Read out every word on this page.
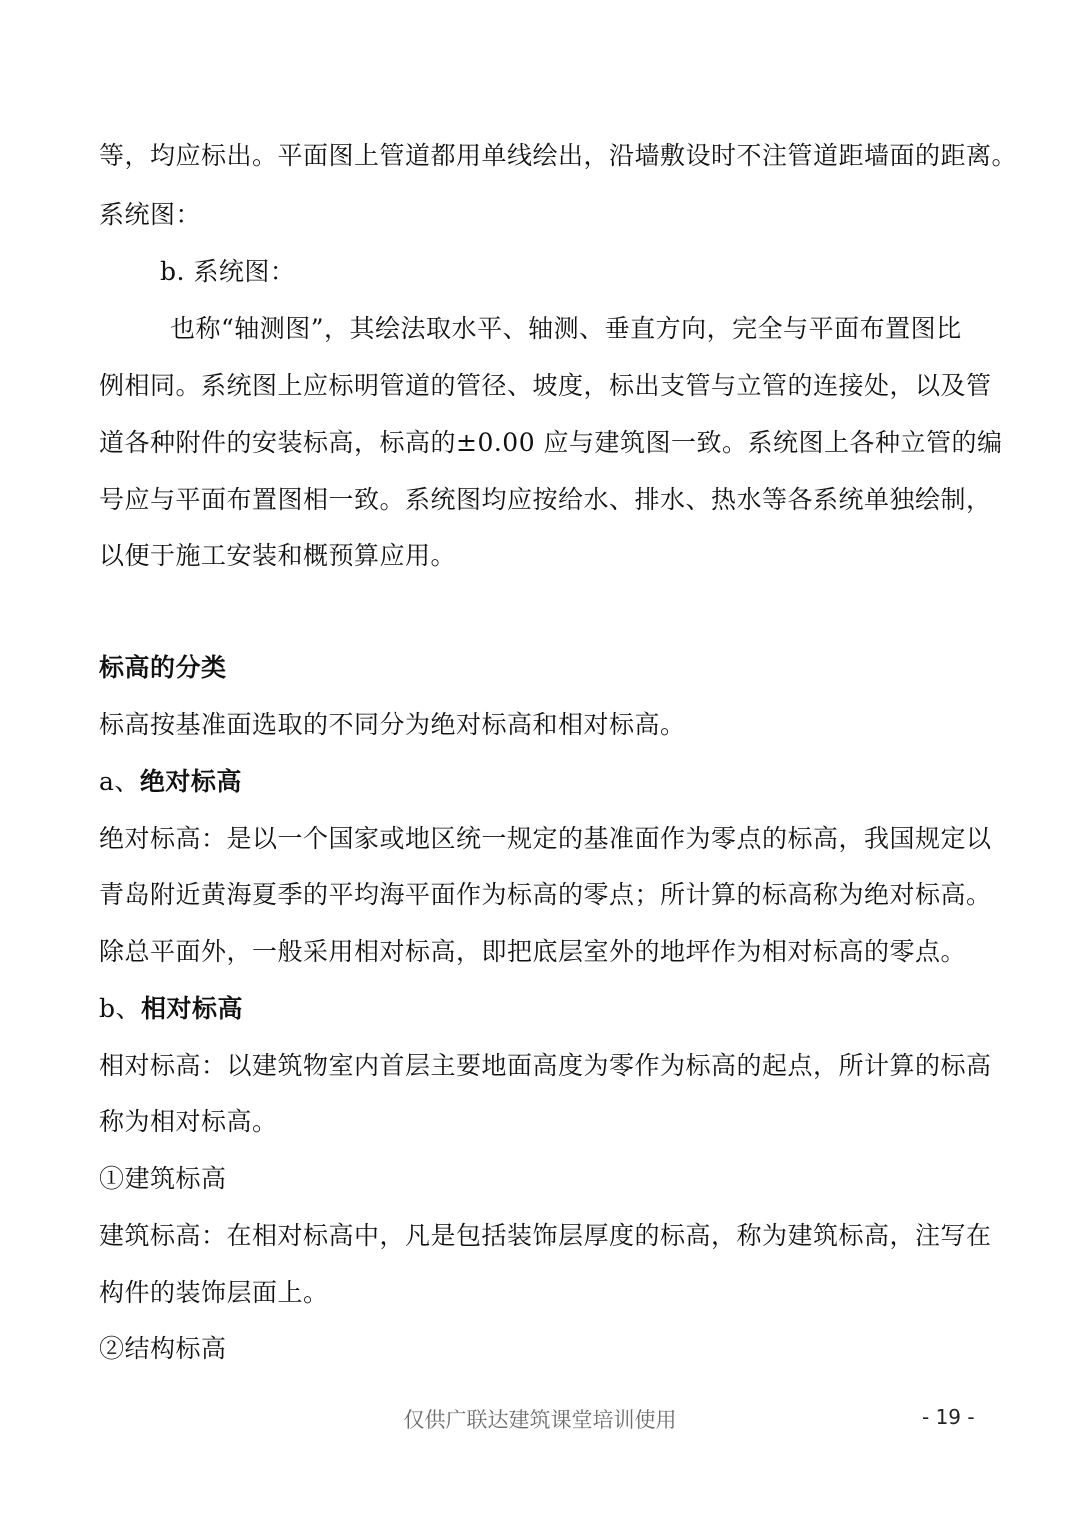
等，均应标出。平面图上管道都用单线绘出，沿墙敷设时不注管道距墙面的距离。
系统图：
b. 系统图：
也称“轴测图”，其绘法取水平、轴测、垂直方向，完全与平面布置图比
例相同。系统图上应标明管道的管径、坡度，标出支管与立管的连接处，以及管
道各种附件的安装标高，标高的±0.00 应与建筑图一致。系统图上各种立管的编
号应与平面布置图相一致。系统图均应按给水、排水、热水等各系统单独绘制，
以便于施工安装和概预算应用。
标高的分类
标高按基准面选取的不同分为绝对标高和相对标高。
a、绝对标高
绝对标高：是以一个国家或地区统一规定的基准面作为零点的标高，我国规定以
青岛附近黄海夏季的平均海平面作为标高的零点；所计算的标高称为绝对标高。
除总平面外，一般采用相对标高，即把底层室外的地坪作为相对标高的零点。
b、相对标高
相对标高：以建筑物室内首层主要地面高度为零作为标高的起点，所计算的标高
称为相对标高。
①建筑标高
建筑标高：在相对标高中，凡是包括装饰层厚度的标高，称为建筑标高，注写在
构件的装饰层面上。
②结构标高
仅供广联达建筑课堂培训使用	- 19 -
